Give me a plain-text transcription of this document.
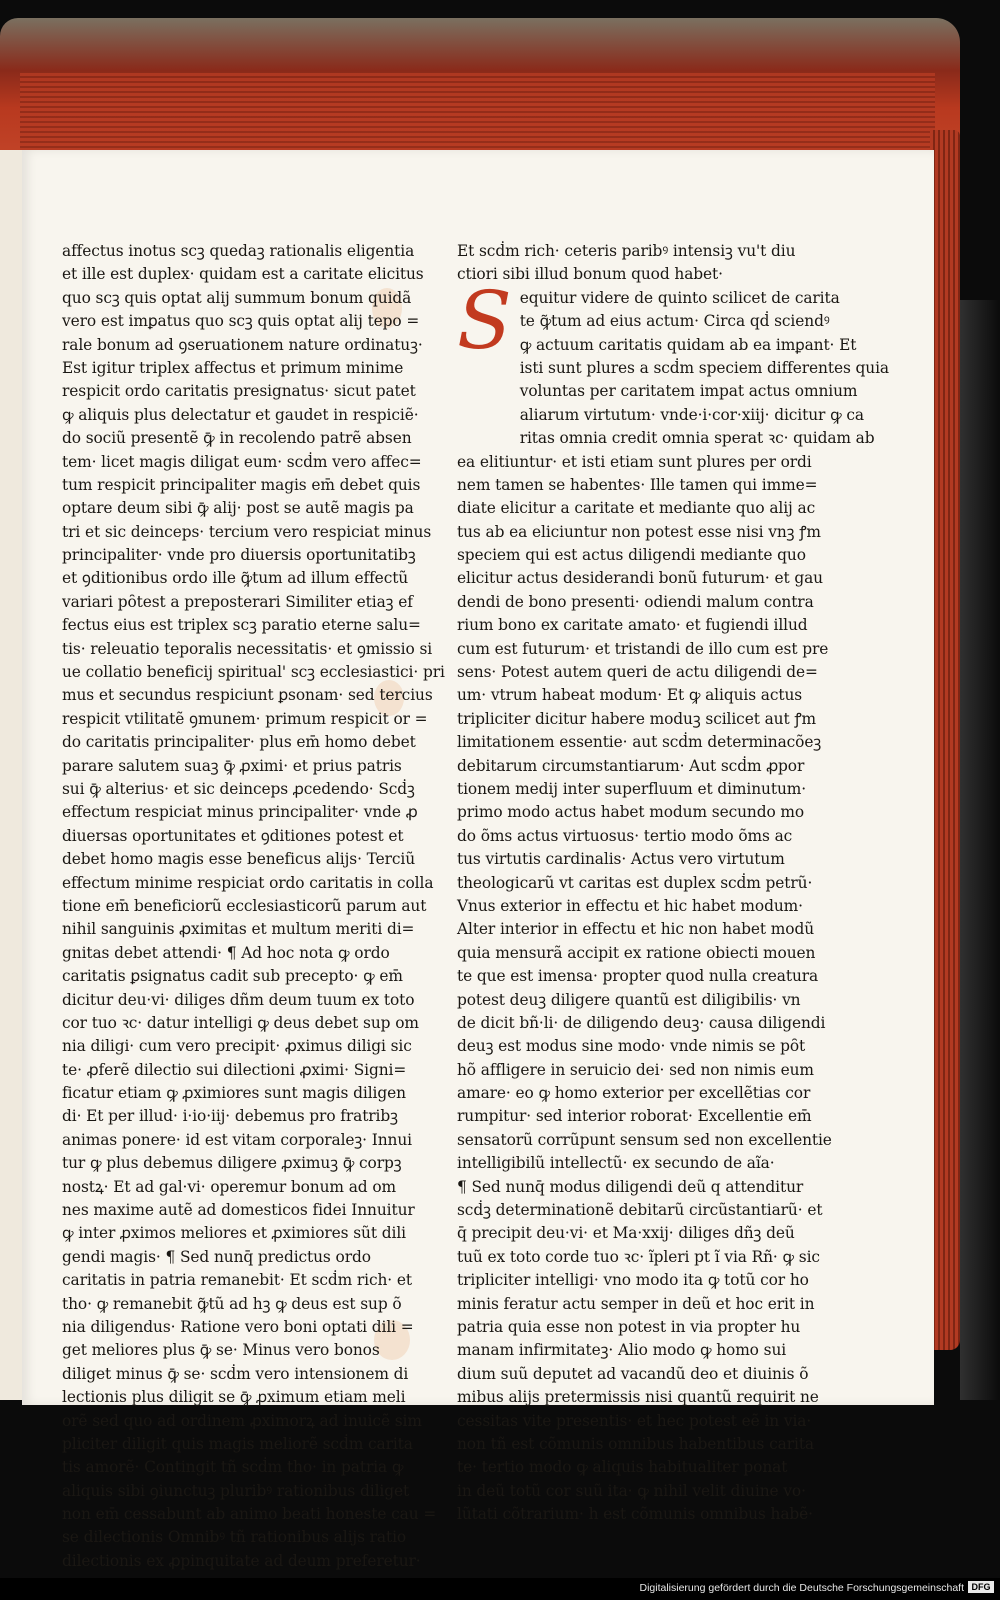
affectus inotus scꝫ quedaꝫ rationalis eligentia
et ille est duplex· quidam est a caritate elicitus
quo scꝫ quis optat alij summum bonum quidã
vero est imꝑatus quo scꝫ quis optat alij tepo =
rale bonum ad ꝯseruationem nature ordinatuꝫ·
Est igitur triplex affectus et primum minime
respicit ordo caritatis presignatus· sicut patet
ꝙ aliquis plus delectatur et gaudet in respiciẽ·
do sociũ presentẽ ꝙ̄ in recolendo patrẽ absen
tem· licet magis diligat eum· scḋm vero affec=
tum respicit principaliter magis em̄ debet quis
optare deum sibi ꝙ̄ alij· post se autẽ magis pa
tri et sic deinceps· tercium vero respiciat minus
principaliter· vnde pro diuersis oportunitatibꝫ
et ꝯditionibus ordo ille ꝙ̃tum ad illum effectũ
variari pȏtest a preposterari Similiter etiaꝫ ef
fectus eius est triplex scꝫ paratio eterne salu=
tis· releuatio teporalis necessitatis· et ꝯmissio si
ue collatio beneficij spiritual' scꝫ ecclesiastici· pri
mus et secundus respiciunt ꝑsonam· sed tercius
respicit vtilitatẽ ꝯmunem· primum respicit or =
do caritatis principaliter· plus em̄ homo debet
parare salutem suaꝫ ꝙ̄ ꝓximi· et prius patris
sui ꝙ̄ alterius· et sic deinceps ꝓcedendo· Scḋꝫ
effectum respiciat minus principaliter· vnde ꝓ
diuersas oportunitates et ꝯditiones potest et
debet homo magis esse beneficus alijs· Terciũ
effectum minime respiciat ordo caritatis in colla
tione em̄ beneficiorũ ecclesiasticorũ parum aut
nihil sanguinis ꝓximitas et multum meriti di=
gnitas debet attendi· ¶ Ad hoc nota ꝙ ordo
caritatis ꝑsignatus cadit sub precepto· ꝙ em̄
dicitur deu·vi· diliges dñm deum tuum ex toto
cor tuo ꝛc· datur intelligi ꝙ deus debet sup om
nia diligi· cum vero precipit· ꝓximus diligi sic
te· ꝓferẽ dilectio sui dilectioni ꝓximi· Signi=
ficatur etiam ꝙ ꝓximiores sunt magis diligen
di· Et per illud· i·io·iij· debemus pro fratribꝫ
animas ponere· id est vitam corporaleꝫ· Innui
tur ꝙ plus debemus diligere ꝓximuꝫ ꝙ̄ corpꝫ
nostꝝ· Et ad gal·vi· operemur bonum ad om
nes maxime autẽ ad domesticos fidei Innuitur
ꝙ inter ꝓximos meliores et ꝓximiores sũt dili
gendi magis· ¶ Sed nunq̄ predictus ordo
caritatis in patria remanebit· Et scḋm rich· et
tho· ꝙ remanebit ꝙ̃tũ ad hꝫ ꝙ deus est sup õ
nia diligendus· Ratione vero boni optati dili =
get meliores plus ꝙ̄ se· Minus vero bonos
diliget minus ꝙ̄ se· scḋm vero intensionem di
lectionis plus diligit se ꝙ̄ ꝓximum etiam meli
orẽ sed quo ad ordinem ꝓximorꝝ ad inuicẽ sim
pliciter diligit quis magis meliorẽ scḋm carita
tis amorẽ· Contingit tñ scḋm tho· in patria ꝙ
aliquis sibi ꝯiunctuꝫ pluribꝰ rationibus diliget
non em̄ cessabunt ab animo beati honeste cau =
se dilectionis Omnibꝰ tñ rationibus alijs ratio
dilectionis ex ꝓpinquitate ad deum preferetur·
Et scḋm rich· ceteris paribꝰ intensiꝫ vu't diu
ctiori sibi illud bonum quod habet·
S equitur videre de quinto scilicet de carita
te ꝙ̃tum ad eius actum· Circa qḋ sciendꝰ
ꝙ actuum caritatis quidam ab ea imꝑant· Et
isti sunt plures a scḋm speciem differentes quia
voluntas per caritatem impat actus omnium
aliarum virtutum· vnde·i·cor·xiij· dicitur ꝙ ca
ritas omnia credit omnia sperat ꝛc· quidam ab
ea elitiuntur· et isti etiam sunt plures per ordi
nem tamen se habentes· Ille tamen qui imme=
diate elicitur a caritate et mediante quo alij ac
tus ab ea eliciuntur non potest esse nisi vnꝫ ꝭm
speciem qui est actus diligendi mediante quo
elicitur actus desiderandi bonũ futurum· et gau
dendi de bono presenti· odiendi malum contra
rium bono ex caritate amato· et fugiendi illud
cum est futurum· et tristandi de illo cum est pre
sens· Potest autem queri de actu diligendi de=
um· vtrum habeat modum· Et ꝙ aliquis actus
tripliciter dicitur habere moduꝫ scilicet aut ꝭm
limitationem essentie· aut scḋm determinacõeꝫ
debitarum circumstantiarum· Aut scḋm ꝓpor
tionem medij inter superfluum et diminutum·
primo modo actus habet modum secundo mo
do õms actus virtuosus· tertio modo õms ac
tus virtutis cardinalis· Actus vero virtutum
theologicarũ vt caritas est duplex scḋm petrũ·
Vnus exterior in effectu et hic habet modum·
Alter interior in effectu et hic non habet modũ
quia mensurã accipit ex ratione obiecti mouen
te que est imensa· propter quod nulla creatura
potest deuꝫ diligere quantũ est diligibilis· vn
de dicit bñ·li· de diligendo deuꝫ· causa diligendi
deuꝫ est modus sine modo· vnde nimis se pȏt
hõ affligere in seruicio dei· sed non nimis eum
amare· eo ꝙ homo exterior per excellẽtias cor
rumpitur· sed interior roborat· Excellentie em̄
sensatorũ corrũpunt sensum sed non excellentie
intelligibilũ intellectũ· ex secundo de aĩa·
¶ Sed nunq̄ modus diligendi deũ q attenditur
scḋꝫ determinationẽ debitarũ circũstantiarũ· et
q̄ precipit deu·vi· et Ma·xxij· diliges dñꝫ deũ
tuũ ex toto corde tuo ꝛc· ĩpleri pt ĩ via Rñ· ꝙ sic
tripliciter intelligi· vno modo ita ꝙ totũ cor ho
minis feratur actu semper in deũ et hoc erit in
patria quia esse non potest in via propter hu
manam infirmitateꝫ· Alio modo ꝙ homo sui
dium suũ deputet ad vacandũ deo et diuinis õ
mibus alijs pretermissis nisi quantũ requirit ne
cessitas vite presentis· et hec potest eẽ in via·
non tñ est cõmunis omnibus habentibus carita
te· tertio modo ꝙ aliquis habitualiter ponat
in deũ totũ cor suũ ita· ꝙ nihil velit diuine vo·
lũtati cõtrarium· h est cõmunis omnibus habẽ·
Digitalisierung gefördert durch die Deutsche Forschungsgemeinschaft DFG
